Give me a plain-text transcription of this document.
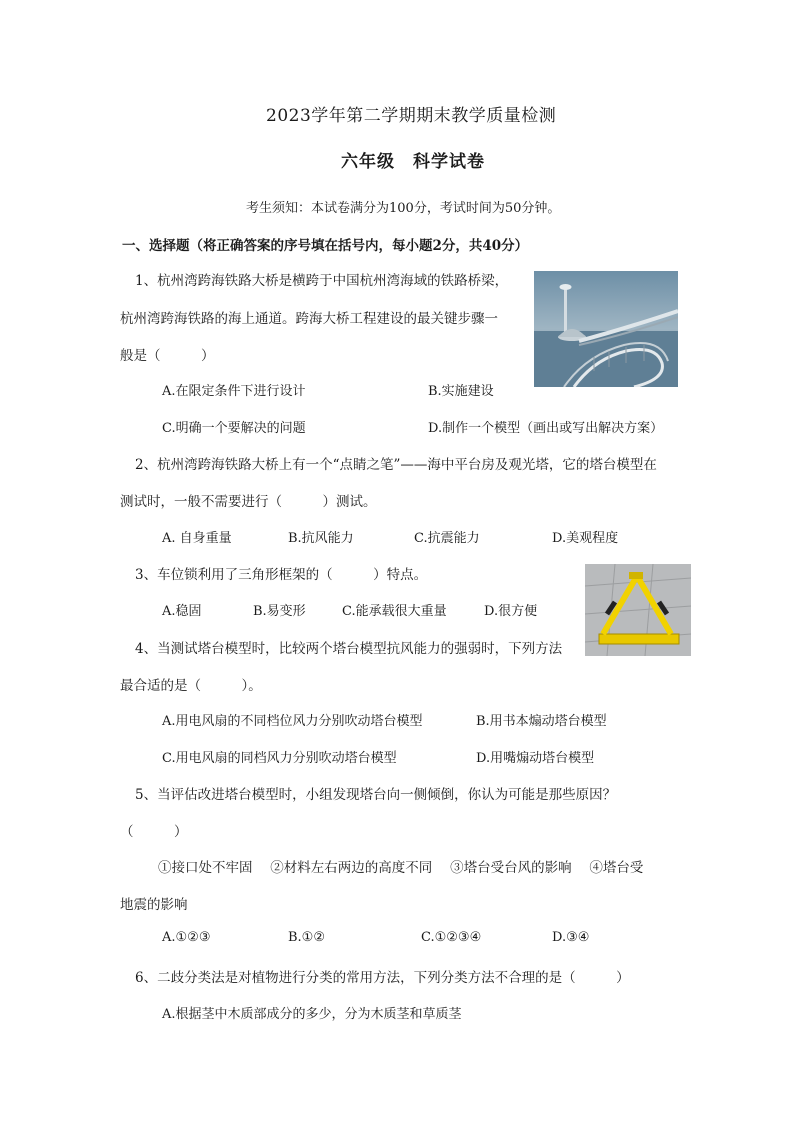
2023学年第二学期期末教学质量检测
六年级　科学试卷
考生须知：本试卷满分为100分，考试时间为50分钟。
一、选择题（将正确答案的序号填在括号内，每小题2分，共40分）
1、杭州湾跨海铁路大桥是横跨于中国杭州湾海域的铁路桥梁，
杭州湾跨海铁路的海上通道。跨海大桥工程建设的最关键步骤一
般是（　　　）
A.在限定条件下进行设计	B.实施建设
C.明确一个要解决的问题	D.制作一个模型（画出或写出解决方案）
2、杭州湾跨海铁路大桥上有一个“点睛之笔”——海中平台房及观光塔，它的塔台模型在
测试时，一般不需要进行（　　　）测试。
A. 自身重量	B.抗风能力	C.抗震能力	D.美观程度
3、车位锁利用了三角形框架的（　　　）特点。
A.稳固	B.易变形	C.能承载很大重量	D.很方便
4、当测试塔台模型时，比较两个塔台模型抗风能力的强弱时，下列方法
最合适的是（　　　）。
A.用电风扇的不同档位风力分别吹动塔台模型	B.用书本煽动塔台模型
C.用电风扇的同档风力分别吹动塔台模型	D.用嘴煽动塔台模型
5、当评估改进塔台模型时，小组发现塔台向一侧倾倒，你认为可能是那些原因？
（　　　）
①接口处不牢固　 ②材料左右两边的高度不同　 ③塔台受台风的影响　 ④塔台受
地震的影响
A.①②③	B.①②	C.①②③④	D.③④
6、二歧分类法是对植物进行分类的常用方法，下列分类方法不合理的是（　　　）
A.根据茎中木质部成分的多少，分为木质茎和草质茎
